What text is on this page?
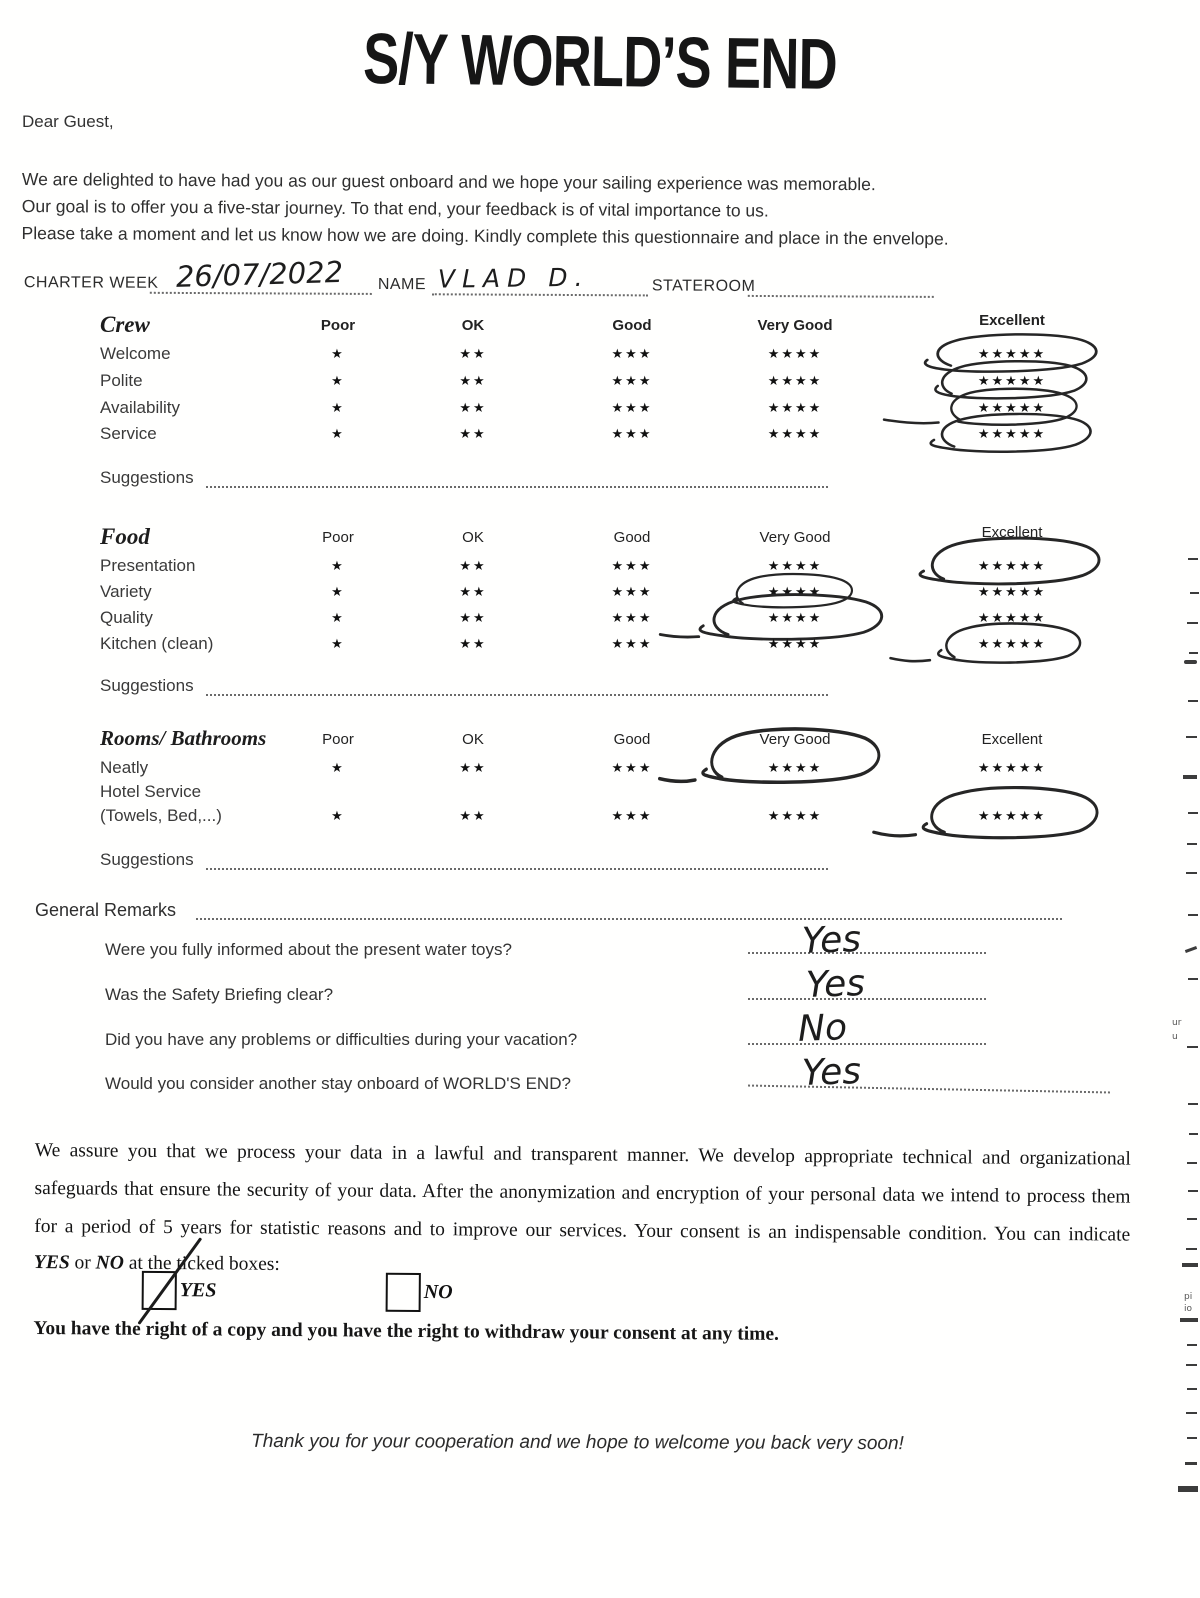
S/Y WORLD’S END
Dear Guest,
We are delighted to have had you as our guest onboard and we hope your sailing experience was memorable.
Our goal is to offer you a five-star journey. To that end, your feedback is of vital importance to us.
Please take a moment and let us know how we are doing. Kindly complete this questionnaire and place in the envelope.
CHARTER WEEK 26/07/2022 NAME VLAD D.	STATEROOM
Crew	Poor	OK	Good	Very Good	Excellent
Welcome	★	★★	★★★	★★★★	★★★★★
Polite	★	★★	★★★	★★★★	★★★★★
Availability	★	★★	★★★	★★★★	★★★★★
Service	★	★★	★★★	★★★★	★★★★★
Suggestions
Food	Poor	OK	Good	Very Good	Excellent
Presentation	★	★★	★★★	★★★★	★★★★★
Variety	★	★★	★★★	★★★★	★★★★★
Quality	★	★★	★★★	★★★★	★★★★★
Kitchen (clean)	★	★★	★★★	★★★★	★★★★★
Suggestions
Rooms/ Bathrooms	Poor	OK	Good	Very Good	Excellent
Neatly	★	★★	★★★	★★★★	★★★★★
Hotel Service
(Towels, Bed,...)	★	★★	★★★	★★★★	★★★★★
Suggestions
General Remarks
Were you fully informed about the present water toys?	Yes
Was the Safety Briefing clear?	Yes
Did you have any problems or difficulties during your vacation?	No
Would you consider another stay onboard of WORLD'S END?	Yes
We assure you that we process your data in a lawful and transparent manner. We develop appropriate technical and organizational
safeguards that ensure the security of your data. After the anonymization and encryption of your personal data we intend to process them
for a period of 5 years for statistic reasons and to improve our services. Your consent is an indispensable condition. You can indicate
YES or NO at the ticked boxes:
YES	NO
You have the right of a copy and you have the right to withdraw your consent at any time.
Thank you for your cooperation and we hope to welcome you back very soon!
ur
u
pi
io
